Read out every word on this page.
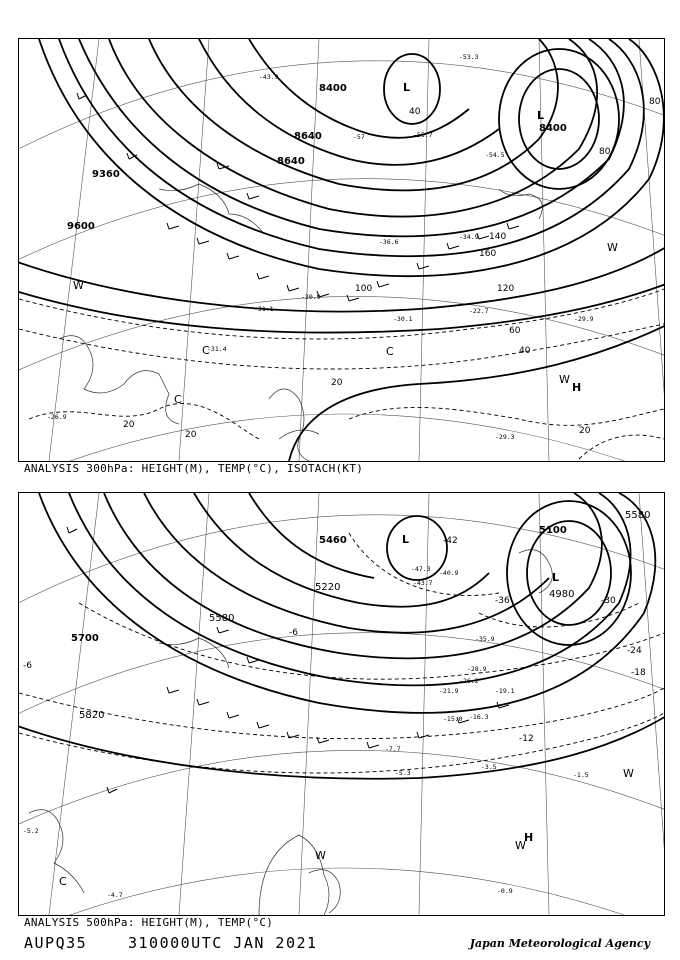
9600
9360
8640
8640
8400
8400
20
20
20
20
40
40
60
80
80
100	120
140
160
L
L
H
C
C
C
W
W
W
-36.6
-34.9
-30.9
-31.1
-31.4
-29.9
-29.3
-22.7
-26.9
-30.1
-54.5
-55.7
-57
-53.3
-43.9
ANALYSIS 300hPa: HEIGHT(M), TEMP(°C), ISOTACH(KT)
5220
5580
5820
5700
5460
5100
5580
4980
-42
-36	-30
-24
-18
-12
-6
-6
L
L
H
C
W
W
W
-47.3
-43.7
-40.9
-35.9
-28.9
-26.2
-21.9	-19.1
-16.3
-15.0
-7.7
-5.3
-3.5
-1.5
-0.9
-4.7
-5.2
ANALYSIS 500hPa: HEIGHT(M), TEMP(°C)
AUPQ35	310000UTC JAN 2021	Japan Meteorological Agency
